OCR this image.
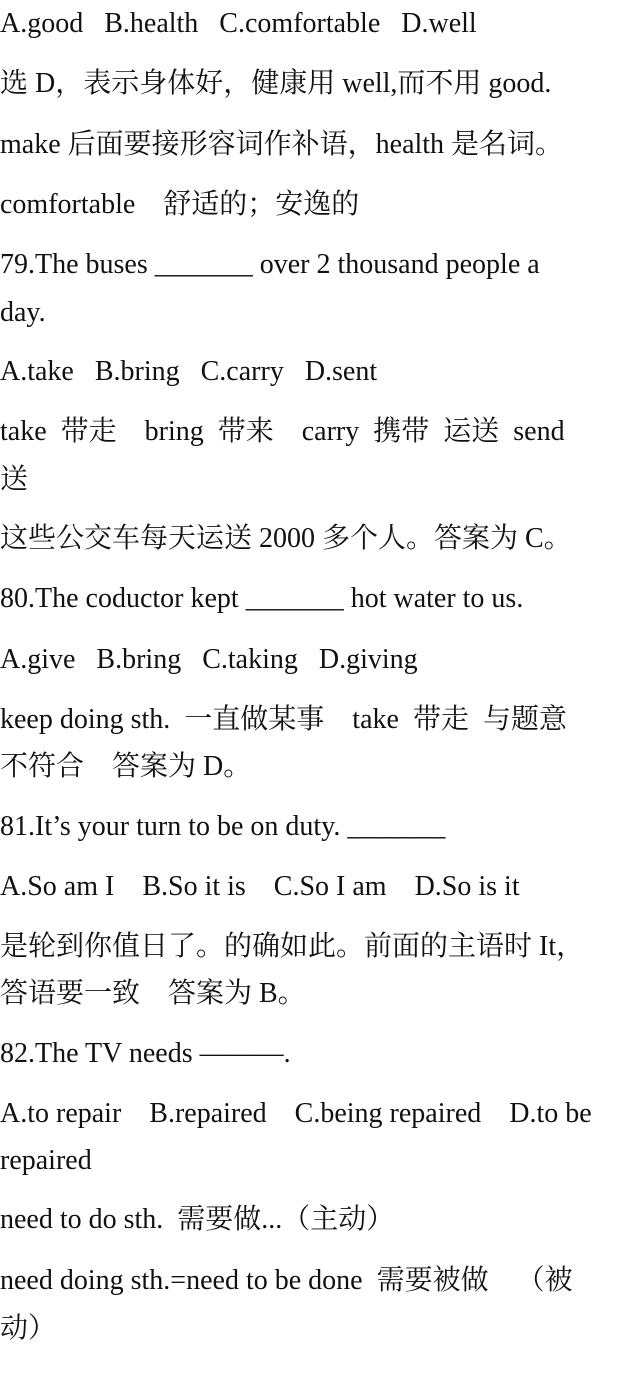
A.good   B.health   C.comfortable   D.well
选 D，表示身体好，健康用 well,而不用 good.
make 后面要接形容词作补语，health 是名词。
comfortable    舒适的；安逸的
79.The buses _______ over 2 thousand people a
day.
A.take   B.bring   C.carry   D.sent
take  带走    bring  带来    carry  携带  运送  send
送
这些公交车每天运送 2000 多个人。答案为 C。
80.The coductor kept _______ hot water to us.
A.give   B.bring   C.taking   D.giving
keep doing sth.  一直做某事    take  带走  与题意
不符合    答案为 D。
81.It’s your turn to be on duty. _______
A.So am I    B.So it is    C.So I am    D.So is it
是轮到你值日了。的确如此。前面的主语时 It，
答语要一致    答案为 B。
82.The TV needs ———.
A.to repair    B.repaired    C.being repaired    D.to be
repaired
need to do sth.  需要做...（主动）
need doing sth.=need to be done  需要被做    （被
动）
